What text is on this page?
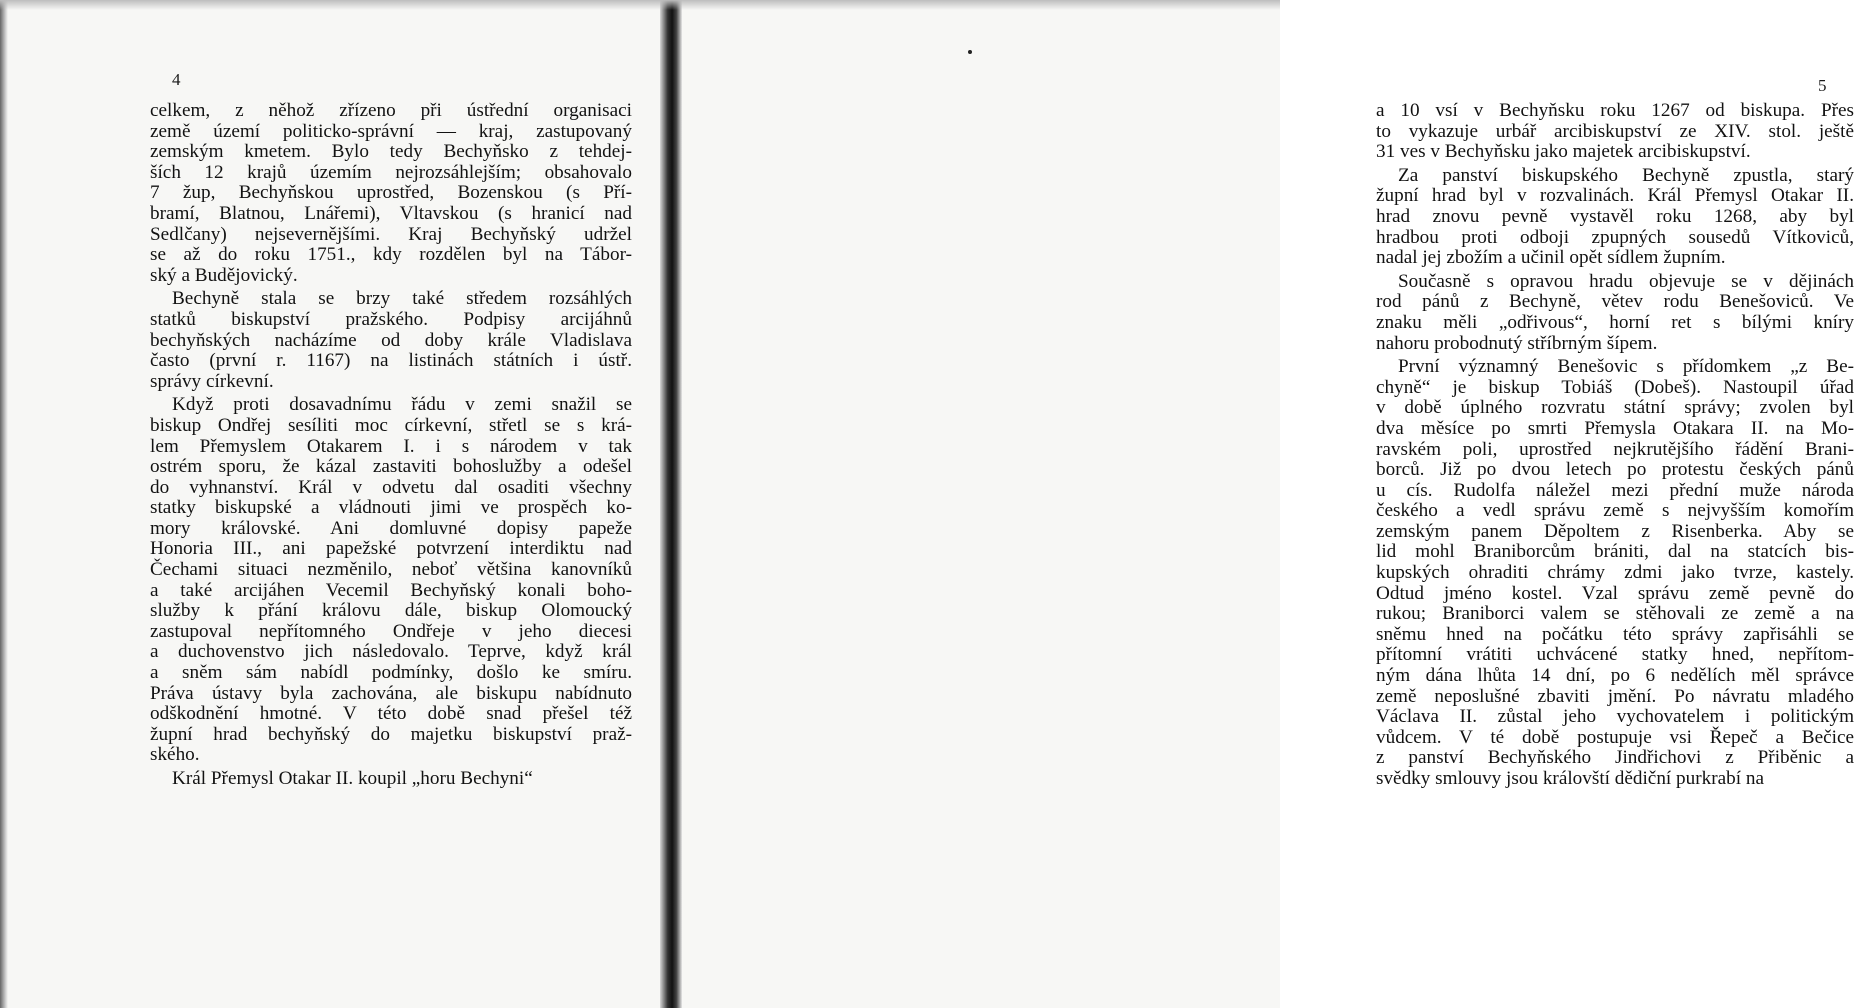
4
celkem, z něhož zřízeno při ústřední organisaci
země území politicko-správní — kraj, zastupovaný
zemským kmetem. Bylo tedy Bechyňsko z tehdej-
ších 12 krajů územím nejrozsáhlejším; obsahovalo
7 žup, Bechyňskou uprostřed, Bozenskou (s Pří-
bramí, Blatnou, Lnářemi), Vltavskou (s hranicí nad
Sedlčany) nejsevernějšími. Kraj Bechyňský udržel
se až do roku 1751., kdy rozdělen byl na Tábor-
ský a Budějovický.
Bechyně stala se brzy také středem rozsáhlých
statků biskupství pražského. Podpisy arcijáhnů
bechyňských nacházíme od doby krále Vladislava
často (první r. 1167) na listinách státních i ústř.
správy církevní.
Když proti dosavadnímu řádu v zemi snažil se
biskup Ondřej sesíliti moc církevní, střetl se s krá-
lem Přemyslem Otakarem I. i s národem v tak
ostrém sporu, že kázal zastaviti bohoslužby a odešel
do vyhnanství. Král v odvetu dal osaditi všechny
statky biskupské a vládnouti jimi ve prospěch ko-
mory královské. Ani domluvné dopisy papeže
Honoria III., ani papežské potvrzení interdiktu nad
Čechami situaci nezměnilo, neboť většina kanovníků
a také arcijáhen Vecemil Bechyňský konali boho-
služby k přání královu dále, biskup Olomoucký
zastupoval nepřítomného Ondřeje v jeho diecesi
a duchovenstvo jich následovalo. Teprve, když král
a sněm sám nabídl podmínky, došlo ke smíru.
Práva ústavy byla zachována, ale biskupu nabídnuto
odškodnění hmotné. V této době snad přešel též
župní hrad bechyňský do majetku biskupství praž-
ského.
Král Přemysl Otakar II. koupil „horu Bechyni“
5
a 10 vsí v Bechyňsku roku 1267 od biskupa. Přes
to vykazuje urbář arcibiskupství ze XIV. stol. ještě
31 ves v Bechyňsku jako majetek arcibiskupství.
Za panství biskupského Bechyně zpustla, starý
župní hrad byl v rozvalinách. Král Přemysl Otakar II.
hrad znovu pevně vystavěl roku 1268, aby byl
hradbou proti odboji zpupných sousedů Vítkoviců,
nadal jej zbožím a učinil opět sídlem župním.
Současně s opravou hradu objevuje se v dějinách
rod pánů z Bechyně, větev rodu Benešoviců. Ve
znaku měli „odřivous“, horní ret s bílými kníry
nahoru probodnutý stříbrným šípem.
První významný Benešovic s přídomkem „z Be-
chyně“ je biskup Tobiáš (Dobeš). Nastoupil úřad
v době úplného rozvratu státní správy; zvolen byl
dva měsíce po smrti Přemysla Otakara II. na Mo-
ravském poli, uprostřed nejkrutějšího řádění Brani-
borců. Již po dvou letech po protestu českých pánů
u cís. Rudolfa náležel mezi přední muže národa
českého a vedl správu země s nejvyšším komořím
zemským panem Děpoltem z Risenberka. Aby se
lid mohl Braniborcům brániti, dal na statcích bis-
kupských ohraditi chrámy zdmi jako tvrze, kastely.
Odtud jméno kostel. Vzal správu země pevně do
rukou; Braniborci valem se stěhovali ze země a na
sněmu hned na počátku této správy zapřisáhli se
přítomní vrátiti uchvácené statky hned, nepřítom-
ným dána lhůta 14 dní, po 6 nedělích měl správce
země neposlušné zbaviti jmění. Po návratu mladého
Václava II. zůstal jeho vychovatelem i politickým
vůdcem. V té době postupuje vsi Řepeč a Bečice
z panství Bechyňského Jindřichovi z Přiběnic a
svědky smlouvy jsou královští dědiční purkrabí na
